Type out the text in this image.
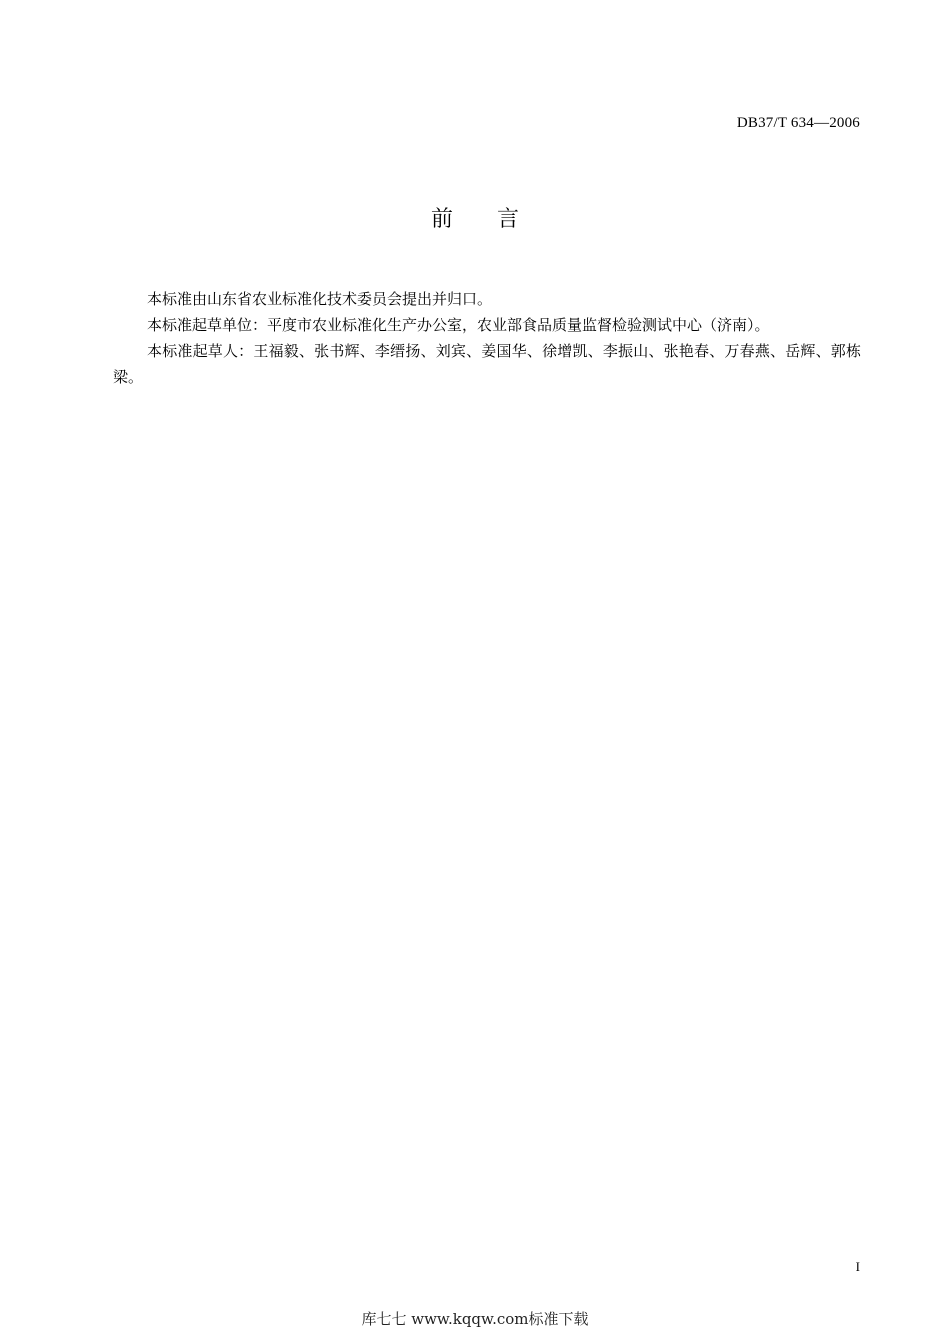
DB37/T 634—2006
前 言

本标准由山东省农业标准化技术委员会提出并归口。

本标准起草单位：平度市农业标准化生产办公室，农业部食品质量监督检验测试中心（济南）。

本标准起草人：王福毅、张书辉、李缙扬、刘宾、姜国华、徐增凯、李振山、张艳春、万春燕、岳辉、郭栋梁。

I
库七七 www.kqqw.com标准下载
